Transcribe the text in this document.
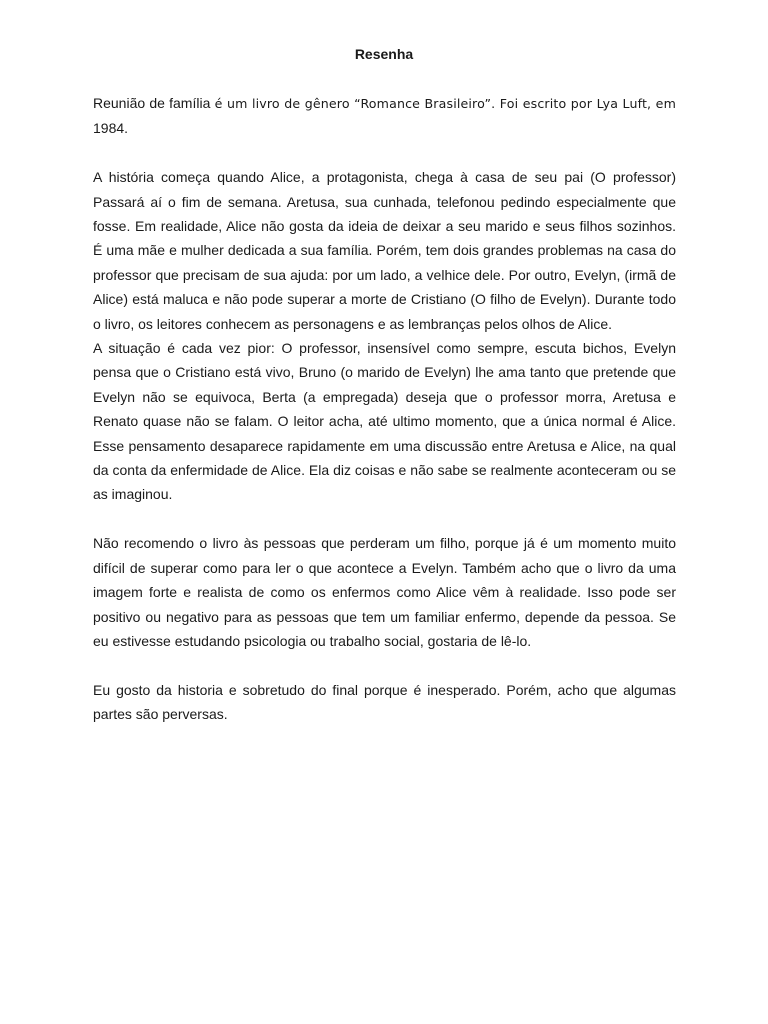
Resenha

Reunião de família é um livro de gênero “Romance Brasileiro”. Foi escrito por Lya Luft, em 1984.

A história começa quando Alice, a protagonista, chega à casa de seu pai (O professor) Passará aí o fim de semana. Aretusa, sua cunhada, telefonou pedindo especialmente que fosse. Em realidade, Alice não gosta da ideia de deixar a seu marido e seus filhos sozinhos. É uma mãe e mulher dedicada a sua família. Porém, tem dois grandes problemas na casa do professor que precisam de sua ajuda: por um lado, a velhice dele. Por outro, Evelyn, (irmã de Alice) está maluca e não pode superar a morte de Cristiano (O filho de Evelyn). Durante todo o livro, os leitores conhecem as personagens e as lembranças pelos olhos de Alice.

A situação é cada vez pior: O professor, insensível como sempre, escuta bichos, Evelyn pensa que o Cristiano está vivo, Bruno (o marido de Evelyn) lhe ama tanto que pretende que Evelyn não se equivoca, Berta (a empregada) deseja que o professor morra, Aretusa e Renato quase não se falam. O leitor acha, até ultimo momento, que a única normal é Alice. Esse pensamento desaparece rapidamente em uma discussão entre Aretusa e Alice, na qual da conta da enfermidade de Alice. Ela diz coisas e não sabe se realmente aconteceram ou se as imaginou.

Não recomendo o livro às pessoas que perderam um filho, porque já é um momento muito difícil de superar como para ler o que acontece a Evelyn. Também acho que o livro da uma imagem forte e realista de como os enfermos como Alice vêm à realidade. Isso pode ser positivo ou negativo para as pessoas que tem um familiar enfermo, depende da pessoa. Se eu estivesse estudando psicologia ou trabalho social, gostaria de lê-lo.

Eu gosto da historia e sobretudo do final porque é inesperado. Porém, acho que algumas partes são perversas.
